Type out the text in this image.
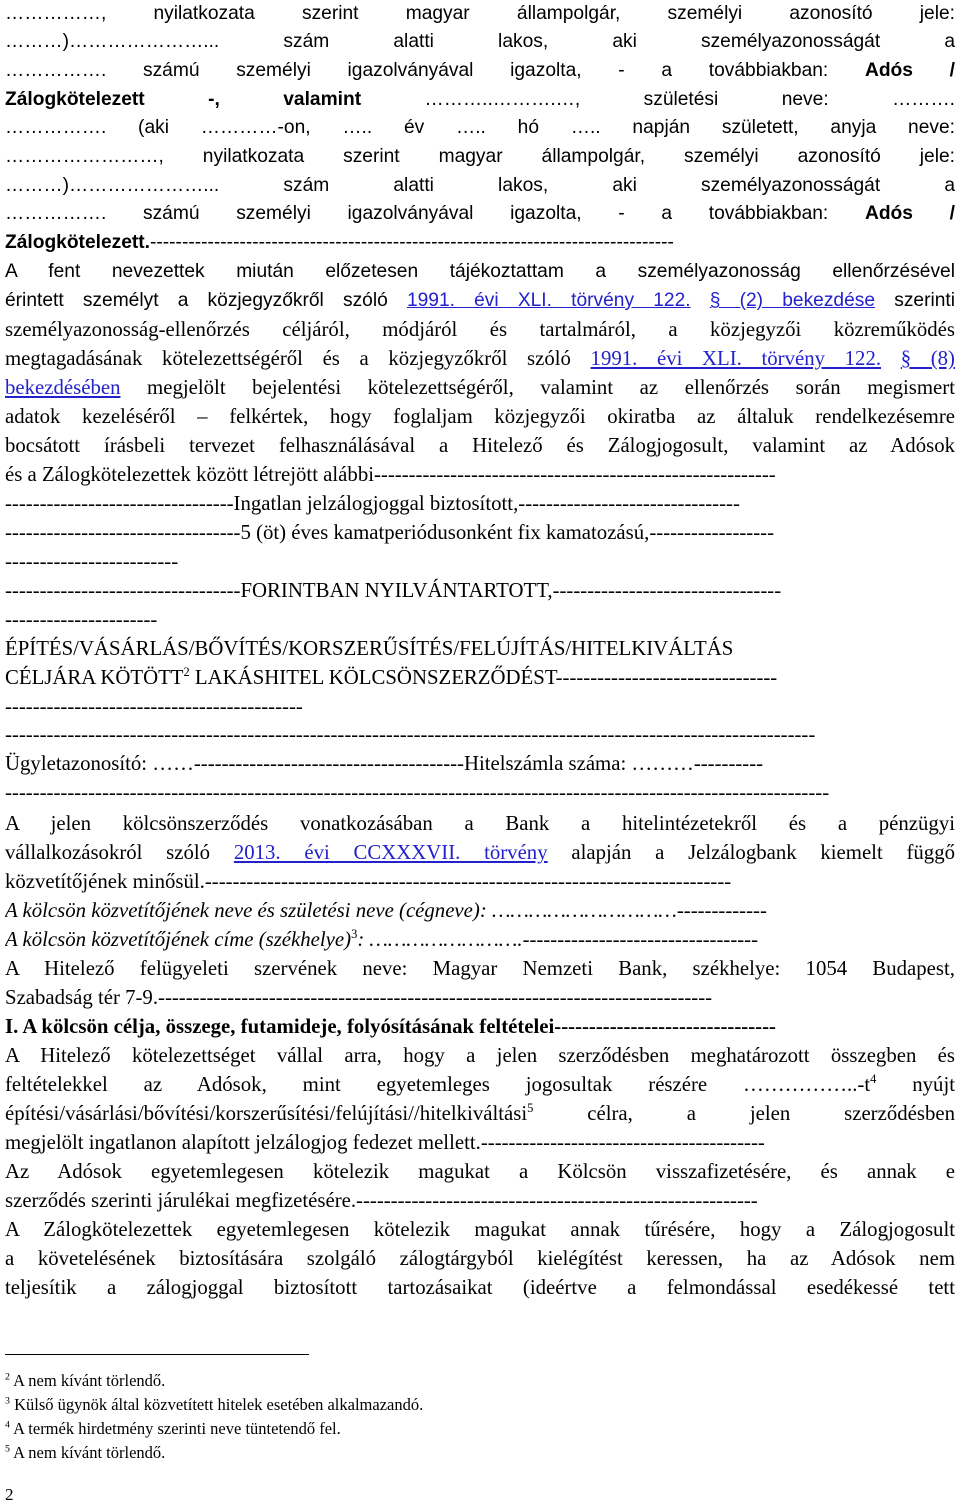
……………, nyilatkozata szerint magyar állampolgár, személyi azonosító jele:
………)…………………... szám alatti lakos, aki személyazonosságát a
……………. számú személyi igazolványával igazolta, - a továbbiakban: Adós /
Zálogkötelezett -, valamint ………..……….…, születési neve: ……….
……………. (aki …………-on, ….. év ….. hó ….. napján született, anyja neve:
……………………, nyilatkozata szerint magyar állampolgár, személyi azonosító jele:
………)…………………... szám alatti lakos, aki személyazonosságát a
……………. számú személyi igazolványával igazolta, - a továbbiakban: Adós /
Zálogkötelezett.----------------------------------------------------------------------------------
A fent nevezettek miután előzetesen tájékoztattam a személyazonosság ellenőrzésével
érintett személyt a közjegyzőkről szóló 1991. évi XLI. törvény 122. § (2) bekezdése szerinti
személyazonosság-ellenőrzés céljáról, módjáról és tartalmáról, a közjegyzői közreműködés
megtagadásának kötelezettségéről és a közjegyzőkről szóló 1991. évi XLI. törvény 122. § (8)
bekezdésében megjelölt bejelentési kötelezettségéről, valamint az ellenőrzés során megismert
adatok kezeléséről – felkértek, hogy foglaljam közjegyzői okiratba az általuk rendelkezésemre
bocsátott írásbeli tervezet felhasználásával a Hitelező és Zálogjogosult, valamint az Adósok
és a Zálogkötelezettek között létrejött alábbi----------------------------------------------------------
---------------------------------Ingatlan jelzálogjoggal biztosított,--------------------------------
----------------------------------5 (öt) éves kamatperiódusonként fix kamatozású,------------------
-------------------------
----------------------------------FORINTBAN NYILVÁNTARTOTT,---------------------------------
----------------------
ÉPÍTÉS/VÁSÁRLÁS/BŐVÍTÉS/KORSZERŰSÍTÉS/FELÚJÍTÁS/HITELKIVÁLTÁS
CÉLJÁRA KÖTÖTT$^2$ LAKÁSHITEL KÖLCSÖNSZERZŐDÉST--------------------------------
-------------------------------------------
---------------------------------------------------------------------------------------------------------------------
Ügyletazonosító: ……---------------------------------------Hitelszámla száma: ………----------
-----------------------------------------------------------------------------------------------------------------------
A jelen kölcsönszerződés vonatkozásában a Bank a hitelintézetekről és a pénzügyi
vállalkozásokról szóló 2013. évi CCXXXVII. törvény alapján a Jelzálogbank kiemelt függő
közvetítőjének minősül.----------------------------------------------------------------------------
A kölcsön közvetítőjének neve és születési neve (cégneve): …………………………-------------
A kölcsön közvetítőjének címe (székhelye)$^3$: …………………….----------------------------------
A Hitelező felügyeleti szervének neve: Magyar Nemzeti Bank, székhelye: 1054 Budapest,
Szabadság tér 7-9.--------------------------------------------------------------------------------
I. A kölcsön célja, összege, futamideje, folyósításának feltételei--------------------------------
A Hitelező kötelezettséget vállal arra, hogy a jelen szerződésben meghatározott összegben és
feltételekkel az Adósok, mint egyetemleges jogosultak részére $\dots\dots\dots\dots\dots..-t^4$ nyújt
építési/vásárlási/bővítési/korszerűsítési/felújítási//hitelkiváltási$^5$ célra, a jelen szerződésben
megjelölt ingatlanon alapított jelzálogjog fedezet mellett.-----------------------------------------
Az Adósok egyetemlegesen kötelezik magukat a Kölcsön visszafizetésére, és annak e
szerződés szerinti járulékai megfizetésére.----------------------------------------------------------
A Zálogkötelezettek egyetemlegesen kötelezik magukat annak tűrésére, hogy a Zálogjogosult
a követelésének biztosítására szolgáló zálogtárgyból kielégítést keressen, ha az Adósok nem
teljesítik a zálogjoggal biztosított tartozásaikat (ideértve a felmondással esedékessé tett
$^2$ A nem kívánt törlendő.
$^3$ Külső ügynök által közvetített hitelek esetében alkalmazandó.
$^4$ A termék hirdetmény szerinti neve tüntetendő fel.
$^5$ A nem kívánt törlendő.
2
